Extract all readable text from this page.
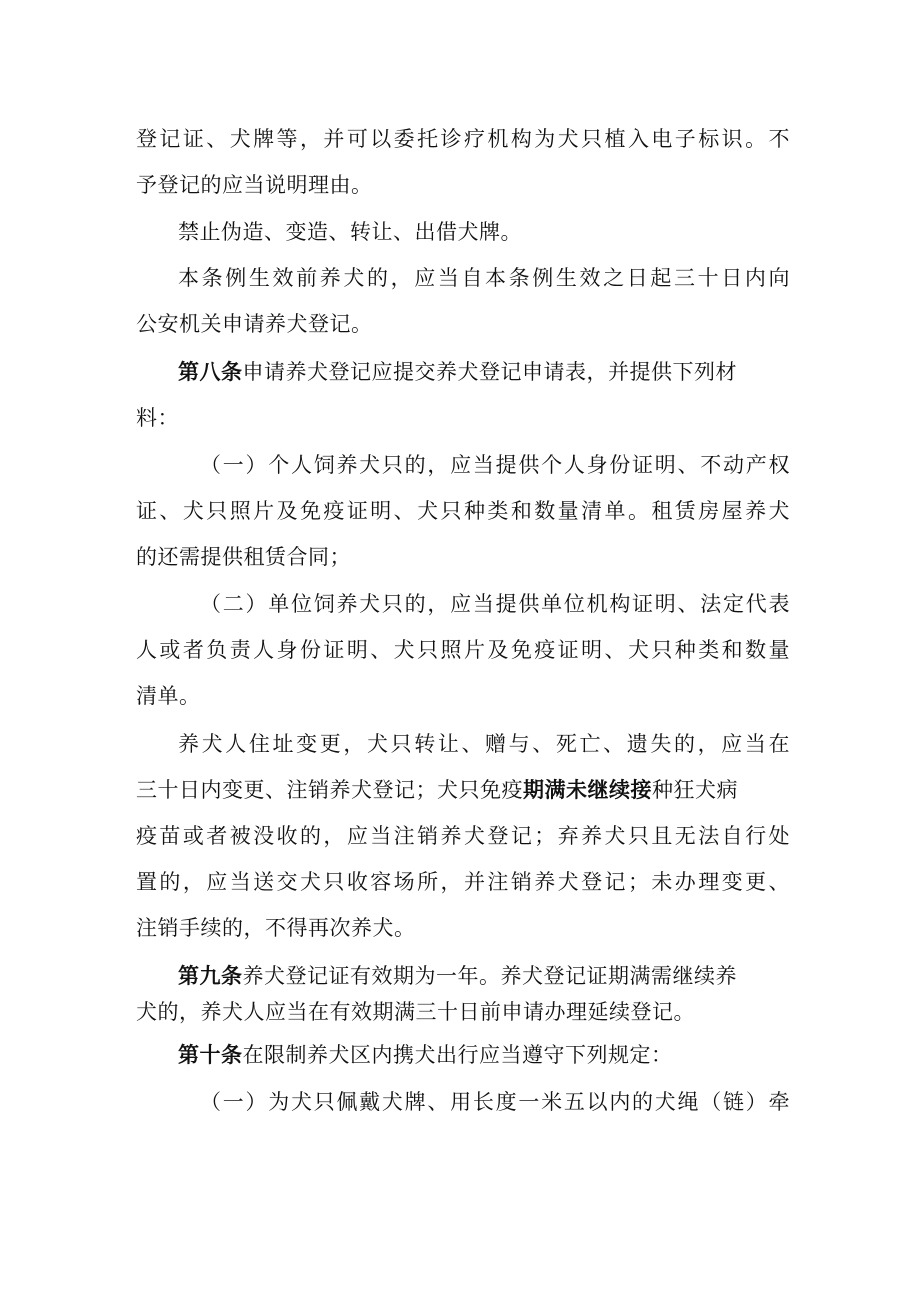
登记证、犬牌等，并可以委托诊疗机构为犬只植入电子标识。不
予登记的应当说明理由。
禁止伪造、变造、转让、出借犬牌。
本条例生效前养犬的，应当自本条例生效之日起三十日内向
公安机关申请养犬登记。
第八条申请养犬登记应提交养犬登记申请表，并提供下列材
料：
（一）个人饲养犬只的，应当提供个人身份证明、不动产权
证、犬只照片及免疫证明、犬只种类和数量清单。租赁房屋养犬
的还需提供租赁合同；
（二）单位饲养犬只的，应当提供单位机构证明、法定代表
人或者负责人身份证明、犬只照片及免疫证明、犬只种类和数量
清单。
养犬人住址变更，犬只转让、赠与、死亡、遗失的，应当在
三十日内变更、注销养犬登记；犬只免疫期满未继续接种狂犬病
疫苗或者被没收的，应当注销养犬登记；弃养犬只且无法自行处
置的，应当送交犬只收容场所，并注销养犬登记；未办理变更、
注销手续的，不得再次养犬。
第九条养犬登记证有效期为一年。养犬登记证期满需继续养
犬的，养犬人应当在有效期满三十日前申请办理延续登记。
第十条在限制养犬区内携犬出行应当遵守下列规定：
（一）为犬只佩戴犬牌、用长度一米五以内的犬绳（链）牵
